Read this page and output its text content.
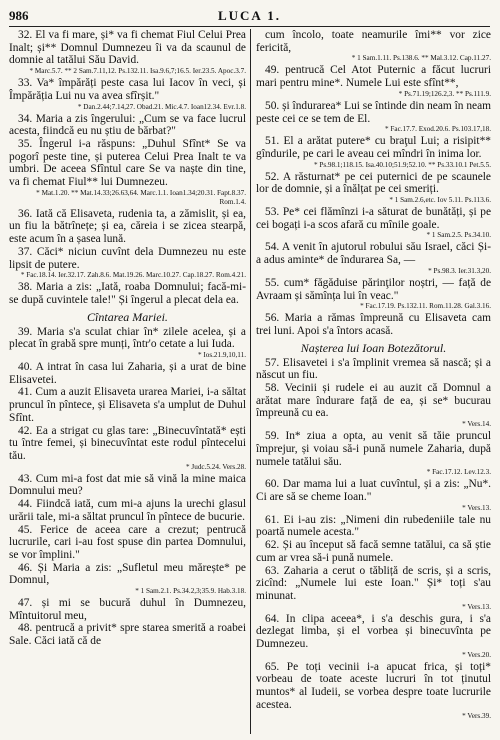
986	LUCA 1.

32. El va fi mare, și* va fi chemat Fiul Celui Prea Inalt; și** Domnul Dumnezeu îi va da scaunul de domnie al tatălui Său David.

* Marc.5.7. ** 2 Sam.7.11,12. Ps.132.11. Isa.9.6,7;16.5. Ier.23.5. Apoc.3.7.

33. Va* împărăți peste casa lui Iacov în veci, și Împărăția Lui nu va avea sfîrșit."

* Dan.2.44;7.14,27. Obad.21. Mic.4.7. Ioan12.34. Evr.1.8.

34. Maria a zis îngerului: „Cum se va face lucrul acesta, fiindcă eu nu știu de bărbat?"

35. Îngerul i-a răspuns: „Duhul Sfînt* Se va pogorî peste tine, și puterea Celui Prea Inalt te va umbri. De aceea Sfîntul care Se va naște din tine, va fi chemat Fiul** lui Dumnezeu.

* Mat.1.20. ** Mat.14.33;26.63,64. Marc.1.1. Ioan1.34;20.31. Fapt.8.37. Rom.1.4.

36. Iată că Elisaveta, rudenia ta, a zămislit, și ea, un fiu la bătrînețe; și ea, căreia i se zicea stearpă, este acum în a șasea lună.

37. Căci* niciun cuvînt dela Dumnezeu nu este lipsit de putere.

* Fac.18.14. Ier.32.17. Zah.8.6. Mat.19.26. Marc.10.27. Cap.18.27. Rom.4.21.

38. Maria a zis: „Iată, roaba Domnului; facă-mi-se după cuvintele tale!" Și îngerul a plecat dela ea.

Cîntarea Mariei.

39. Maria s'a sculat chiar în* zilele acelea, și a plecat în grabă spre munți, într'o cetate a lui Iuda.

* Ios.21.9,10,11.

40. A intrat în casa lui Zaharia, și a urat de bine Elisavetei.

41. Cum a auzit Elisaveta urarea Mariei, i-a săltat pruncul în pîntece, și Elisaveta s'a umplut de Duhul Sfînt.

42. Ea a strigat cu glas tare: „Binecuvîntată* ești tu între femei, și binecuvîntat este rodul pîntecelui tău.

* Judc.5.24. Vers.28.

43. Cum mi-a fost dat mie să vină la mine maica Domnului meu?

44. Fiindcă iată, cum mi-a ajuns la urechi glasul urării tale, mi-a săltat pruncul în pîntece de bucurie.

45. Ferice de aceea care a crezut; pentrucă lucrurile, cari i-au fost spuse din partea Domnului, se vor împlini."

46. Și Maria a zis: „Sufletul meu mărește* pe Domnul,

* 1 Sam.2.1. Ps.34.2,3;35.9. Hab.3.18.

47. și mi se bucură duhul în Dumnezeu, Mîntuitorul meu,

48. pentrucă a privit* spre starea smerită a roabei Sale. Căci iată că de

cum încolo, toate neamurile îmi** vor zice fericită,

* 1 Sam.1.11. Ps.138.6. ** Mal.3.12. Cap.11.27.

49. pentrucă Cel Atot Puternic a făcut lucruri mari pentru mine*. Numele Lui este sfînt**,

* Ps.71.19;126.2,3. ** Ps.111.9.

50. și îndurarea* Lui se întinde din neam în neam peste cei ce se tem de El.

* Fac.17.7. Exod.20.6. Ps.103.17,18.

51. El a arătat putere* cu braţul Lui; a risipit** gîndurile, pe cari le aveau cei mîndri în inima lor.

* Ps.98.1;118.15. Isa.40.10;51.9;52.10. ** Ps.33.10.1 Pet.5.5.

52. A răsturnat* pe cei puternici de pe scaunele lor de domnie, și a înălțat pe cei smeriți.

* 1 Sam.2.6,etc. Iov 5.11. Ps.113.6.

53. Pe* cei flămînzi i-a săturat de bunătăți, și pe cei bogați i-a scos afară cu mînile goale.

* 1 Sam.2.5. Ps.34.10.

54. A venit în ajutorul robului său Israel, căci Și-a adus aminte* de îndurarea Sa, —

* Ps.98.3. Ier.31.3,20.

55. cum* făgăduise părinţilor noștri, — față de Avraam și sămînța lui în veac."

* Fac.17.19. Ps.132.11. Rom.11.28. Gal.3.16.

56. Maria a rămas împreună cu Elisaveta cam trei luni. Apoi s'a întors acasă.

Nașterea lui Ioan Botezătorul.

57. Elisavetei i s'a împlinit vremea să nască; și a născut un fiu.

58. Vecinii și rudele ei au auzit că Domnul a arătat mare îndurare față de ea, și se* bucurau împreună cu ea.

* Vers.14.

59. In* ziua a opta, au venit să tăie pruncul împrejur, și voiau să-i pună numele Zaharia, după numele tatălui său.

* Fac.17.12. Lev.12.3.

60. Dar mama lui a luat cuvîntul, și a zis: „Nu*. Ci are să se cheme Ioan."

* Vers.13.

61. Ei i-au zis: „Nimeni din rubedeniile tale nu poartă numele acesta."

62. Și au început să facă semne tatălui, ca să știe cum ar vrea să-i pună numele.

63. Zaharia a cerut o tăbliță de scris, și a scris, zicînd: „Numele lui este Ioan." Și* toți s'au minunat.

* Vers.13.

64. In clipa aceea*, i s'a deschis gura, i s'a dezlegat limba, și el vorbea și binecuvînta pe Dumnezeu.

* Vers.20.

65. Pe toți vecinii i-a apucat frica, și toți* vorbeau de toate aceste lucruri în tot ținutul muntos* al Iudeii, se vorbea despre toate lucrurile acestea.

* Vers.39.
